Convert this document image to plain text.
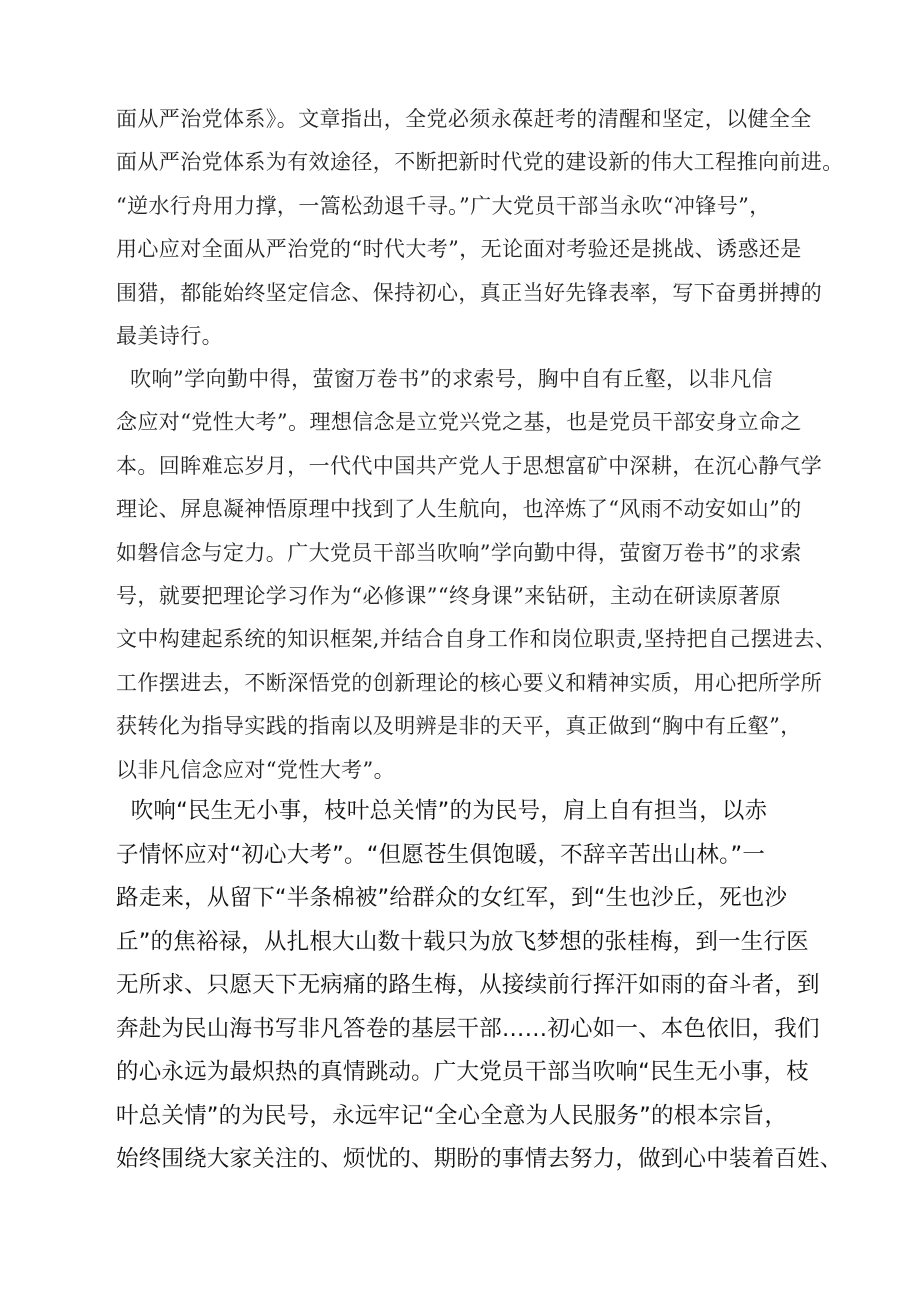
面从严治党体系》。文章指出，全党必须永葆赶考的清醒和坚定，以健全全
面从严治党体系为有效途径，不断把新时代党的建设新的伟大工程推向前进。
“逆水行舟用力撑，一篙松劲退千寻。”广大党员干部当永吹“冲锋号”，
用心应对全面从严治党的“时代大考”，无论面对考验还是挑战、诱惑还是
围猎，都能始终坚定信念、保持初心，真正当好先锋表率，写下奋勇拼搏的
最美诗行。
吹响”学向勤中得，萤窗万卷书”的求索号，胸中自有丘壑，以非凡信
念应对“党性大考”。理想信念是立党兴党之基，也是党员干部安身立命之
本。回眸难忘岁月，一代代中国共产党人于思想富矿中深耕，在沉心静气学
理论、屏息凝神悟原理中找到了人生航向，也淬炼了“风雨不动安如山”的
如磐信念与定力。广大党员干部当吹响”学向勤中得，萤窗万卷书”的求索
号，就要把理论学习作为“必修课”“终身课”来钻研，主动在研读原著原
文中构建起系统的知识框架,并结合自身工作和岗位职责,坚持把自己摆进去、
工作摆进去，不断深悟党的创新理论的核心要义和精神实质，用心把所学所
获转化为指导实践的指南以及明辨是非的天平，真正做到“胸中有丘壑”，
以非凡信念应对“党性大考”。
吹响“民生无小事，枝叶总关情”的为民号，肩上自有担当，以赤
子情怀应对“初心大考”。“但愿苍生俱饱暖，不辞辛苦出山林。”一
路走来，从留下“半条棉被”给群众的女红军，到“生也沙丘，死也沙
丘”的焦裕禄，从扎根大山数十载只为放飞梦想的张桂梅，到一生行医
无所求、只愿天下无病痛的路生梅，从接续前行挥汗如雨的奋斗者，到
奔赴为民山海书写非凡答卷的基层干部……初心如一、本色依旧，我们
的心永远为最炽热的真情跳动。广大党员干部当吹响“民生无小事，枝
叶总关情”的为民号，永远牢记“全心全意为人民服务”的根本宗旨，
始终围绕大家关注的、烦忧的、期盼的事情去努力，做到心中装着百姓、
